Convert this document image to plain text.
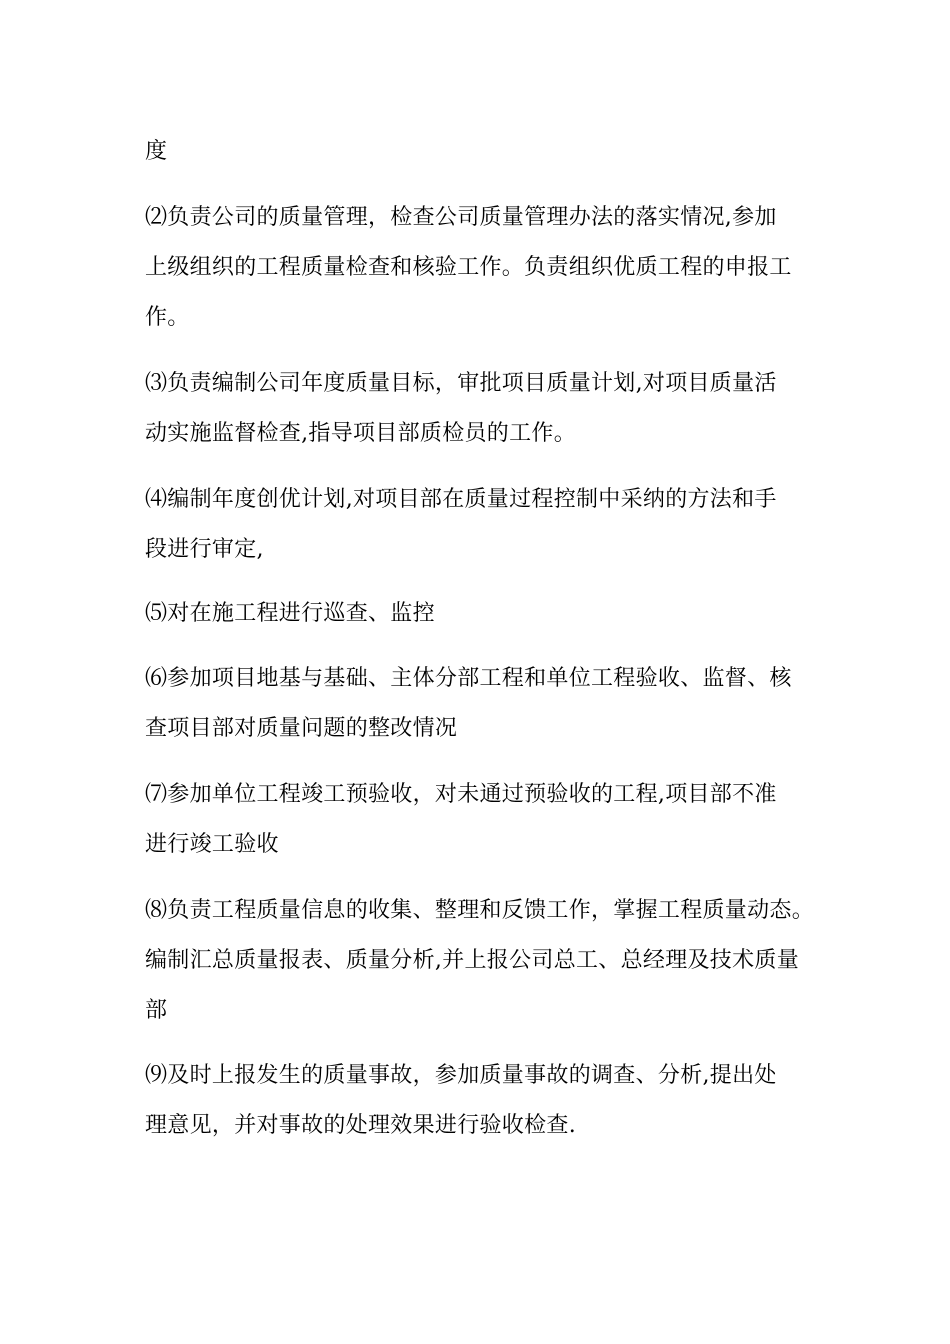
度

⑵负责公司的质量管理，检查公司质量管理办法的落实情况,参加

上级组织的工程质量检查和核验工作。负责组织优质工程的申报工

作。

⑶负责编制公司年度质量目标，审批项目质量计划,对项目质量活

动实施监督检查,指导项目部质检员的工作。

⑷编制年度创优计划,对项目部在质量过程控制中采纳的方法和手

段进行审定,

⑸对在施工程进行巡查、监控

⑹参加项目地基与基础、主体分部工程和单位工程验收、监督、核

查项目部对质量问题的整改情况

⑺参加单位工程竣工预验收，对未通过预验收的工程,项目部不准

进行竣工验收

⑻负责工程质量信息的收集、整理和反馈工作，掌握工程质量动态。

编制汇总质量报表、质量分析,并上报公司总工、总经理及技术质量

部

⑼及时上报发生的质量事故，参加质量事故的调查、分析,提出处

理意见，并对事故的处理效果进行验收检查.
